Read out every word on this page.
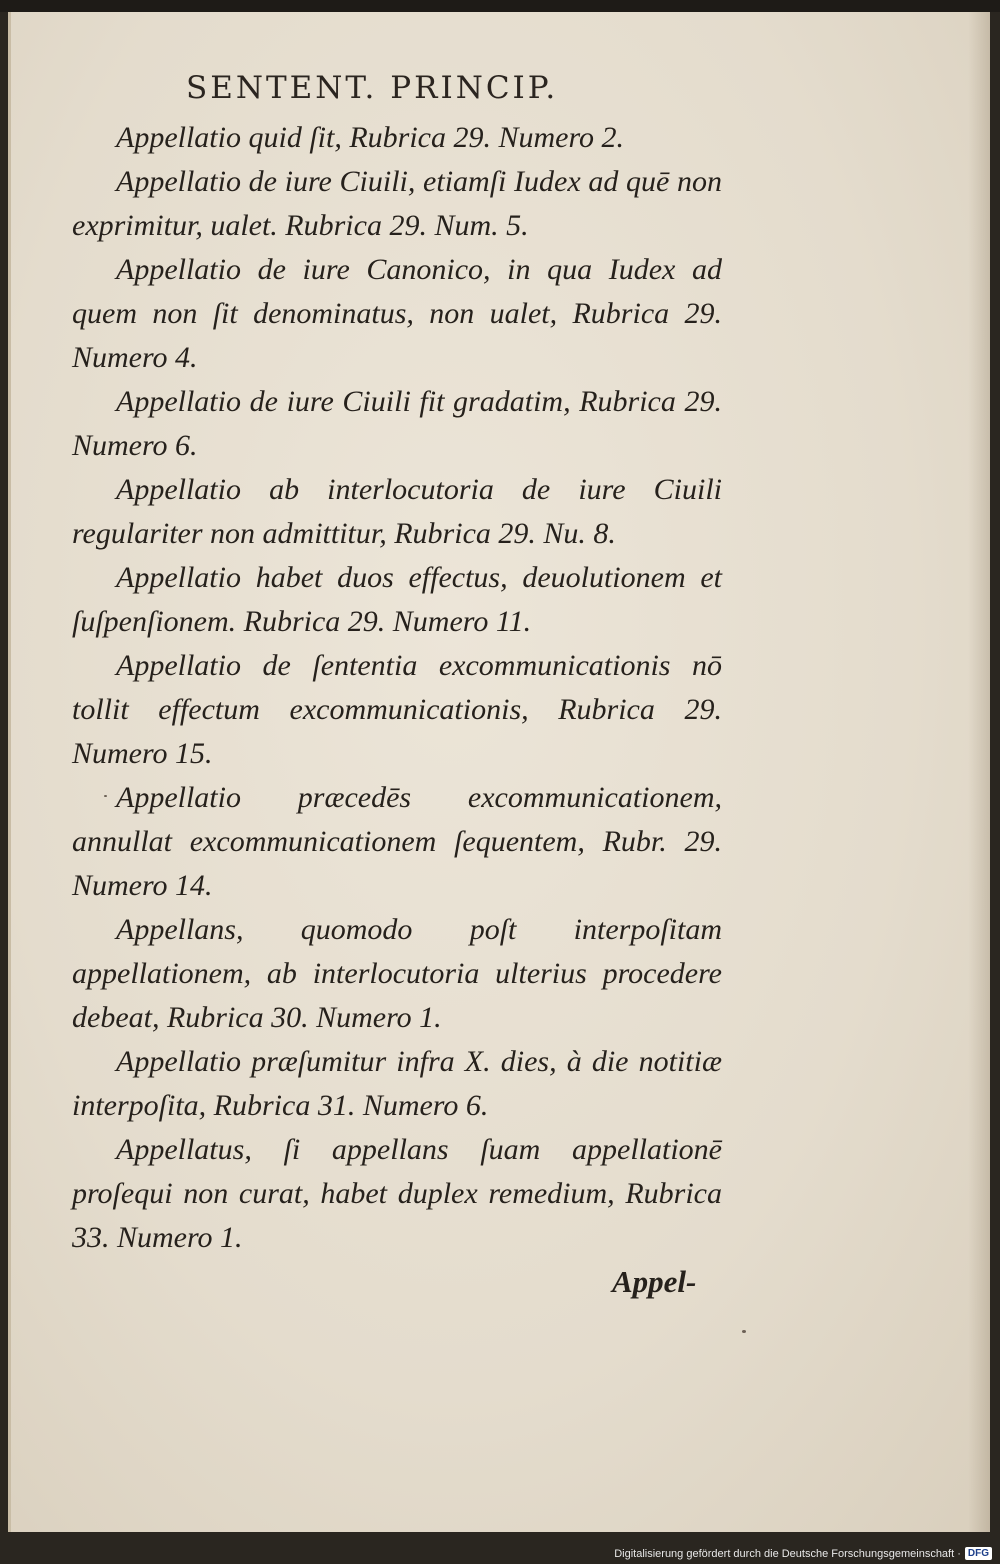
SENTENT. PRINCIP.

Appellatio quid ſit, Rubrica 29. Numero 2.

Appellatio de iure Ciuili, etiamſi Iudex ad quē non exprimitur, ualet. Rubrica 29. Num. 5.

Appellatio de iure Canonico, in qua Iudex ad quem non ſit denominatus, non ualet, Rubrica 29. Numero 4.

Appellatio de iure Ciuili fit gradatim, Rubrica 29. Numero 6.

Appellatio ab interlocutoria de iure Ciuili regulariter non admittitur, Rubrica 29. Nu. 8.

Appellatio habet duos effectus, deuolutionem et ſuſpenſionem. Rubrica 29. Numero 11.

Appellatio de ſententia excommunicationis nō tollit effectum excommunicationis, Rubrica 29. Numero 15.

Appellatio præcedēs excommunicationem, annullat excommunicationem ſequentem, Rubr. 29. Numero 14.

Appellans, quomodo poſt interpoſitam appellationem, ab interlocutoria ulterius procedere debeat, Rubrica 30. Numero 1.

Appellatio præſumitur infra X. dies, à die notitiæ interpoſita, Rubrica 31. Numero 6.

Appellatus, ſi appellans ſuam appellationē proſequi non curat, habet duplex remedium, Rubrica 33. Numero 1.

Appel-
Digitalisierung gefördert durch die Deutsche Forschungsgemeinschaft · DFG
